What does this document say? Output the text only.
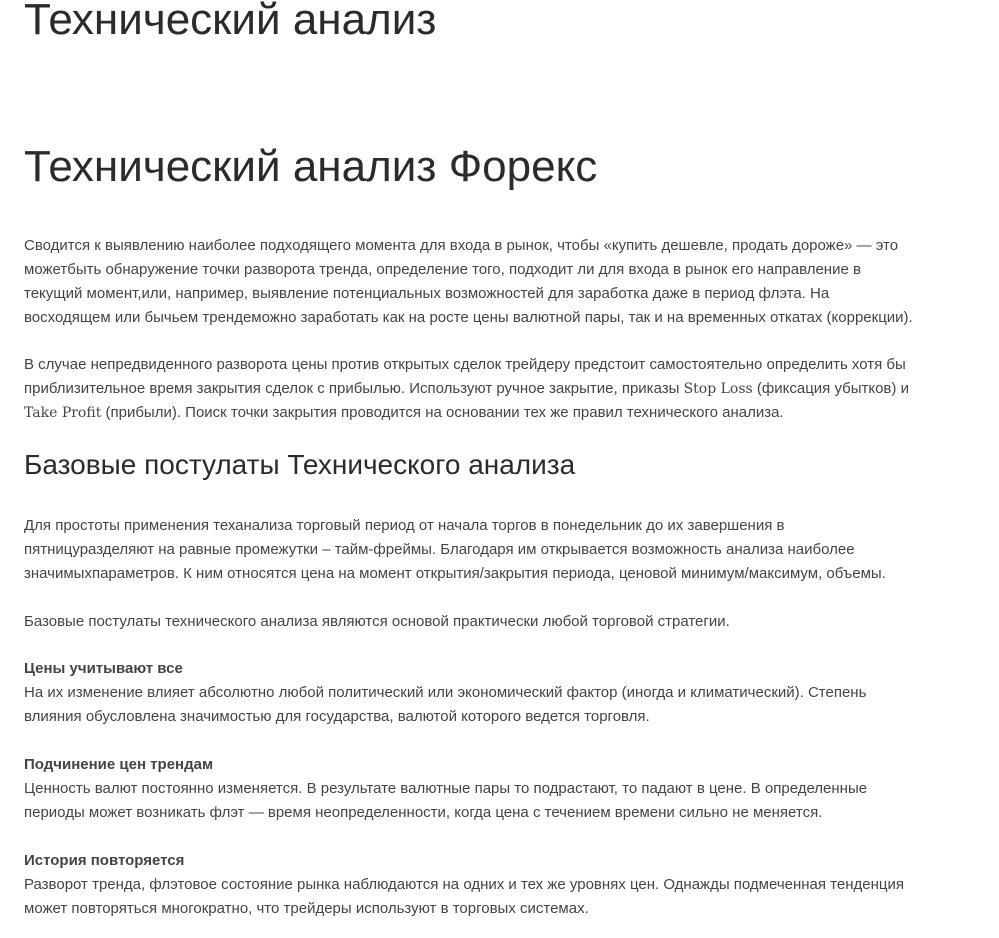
Технический анализ
Технический анализ Форекс

Сводится к выявлению наиболее подходящего момента для входа в рынок, чтобы «купить дешевле, продать дороже» — это
можетбыть обнаружение точки разворота тренда, определение того, подходит ли для входа в рынок его направление в
текущий момент,или, например, выявление потенциальных возможностей для заработка даже в период флэта. На
восходящем или бычьем трендеможно заработать как на росте цены валютной пары, так и на временных откатах (коррекции).

В случае непредвиденного разворота цены против открытых сделок трейдеру предстоит самостоятельно определить хотя бы
приблизительное время закрытия сделок с прибылью. Используют ручное закрытие, приказы Stop Loss (фиксация убытков) и
Take Profit (прибыли). Поиск точки закрытия проводится на основании тех же правил технического анализа.

Базовые постулаты Технического анализа

Для простоты применения теханализа торговый период от начала торгов в понедельник до их завершения в
пятницуразделяют на равные промежутки – тайм-фреймы. Благодаря им открывается возможность анализа наиболее
значимыхпараметров. К ним относятся цена на момент открытия/закрытия периода, ценовой минимум/максимум, объемы.

Базовые постулаты технического анализа являются основой практически любой торговой стратегии.

Цены учитывают все

На их изменение влияет абсолютно любой политический или экономический фактор (иногда и климатический). Степень
влияния обусловлена значимостью для государства, валютой которого ведется торговля.

Подчинение цен трендам

Ценность валют постоянно изменяется. В результате валютные пары то подрастают, то падают в цене. В определенные
периоды может возникать флэт — время неопределенности, когда цена с течением времени сильно не меняется.

История повторяется

Разворот тренда, флэтовое состояние рынка наблюдаются на одних и тех же уровнях цен. Однажды подмеченная тенденция
может повторяться многократно, что трейдеры используют в торговых системах.
